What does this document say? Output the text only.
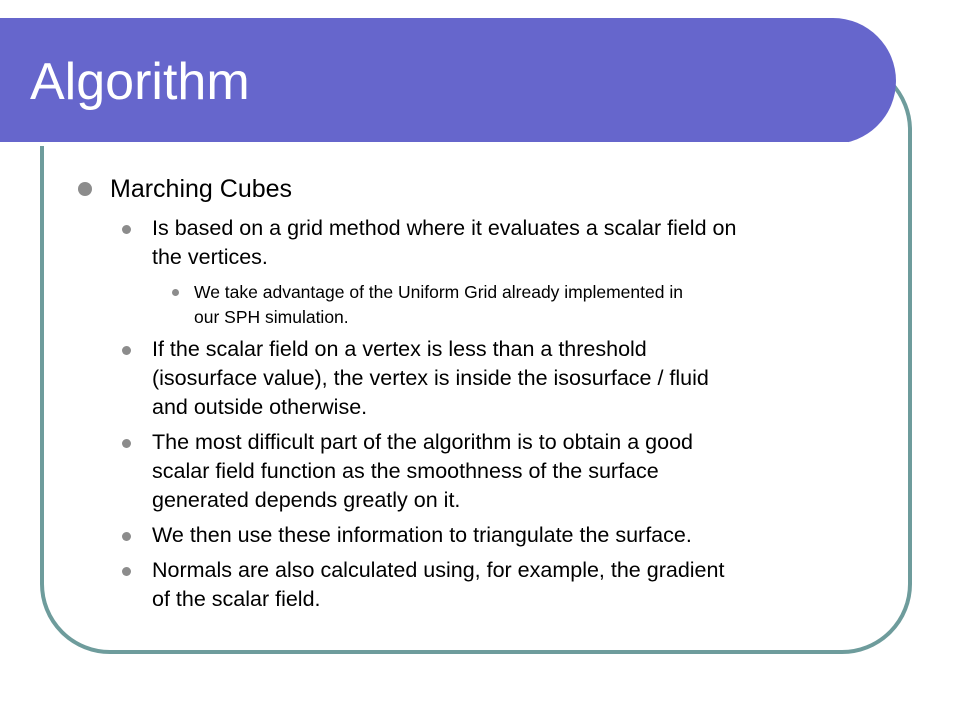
Algorithm
Marching Cubes
Is based on a grid method where it evaluates a scalar field on
the vertices.
We take advantage of the Uniform Grid already implemented in
our SPH simulation.
If the scalar field on a vertex is less than a threshold
(isosurface value), the vertex is inside the isosurface / fluid
and outside otherwise.
The most difficult part of the algorithm is to obtain a good
scalar field function as the smoothness of the surface
generated depends greatly on it.
We then use these information to triangulate the surface.
Normals are also calculated using, for example, the gradient
of the scalar field.
